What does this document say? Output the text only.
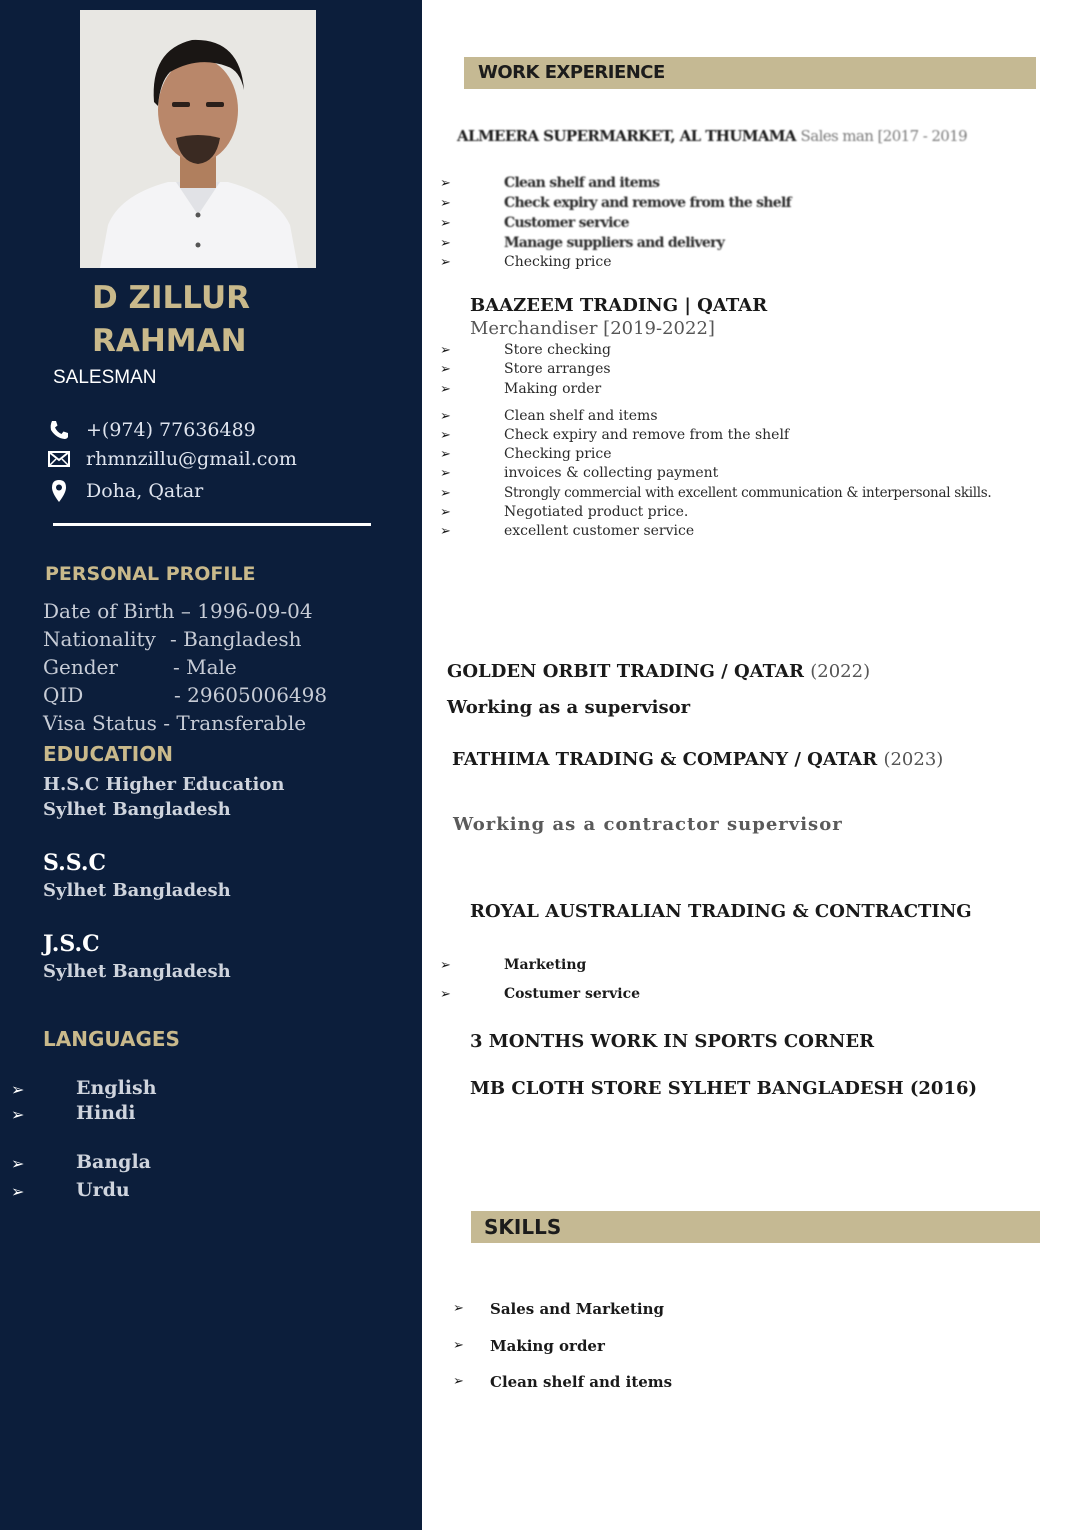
D ZILLUR
RAHMAN
SALESMAN
+(974) 77636489
rhmnzillu@gmail.com
Doha, Qatar
PERSONAL PROFILE
Date of Birth – 1996-09-04
Nationality - Bangladesh
Gender	- Male
QID	- 29605006498
Visa Status - Transferable
EDUCATION
H.S.C Higher Education
Sylhet Bangladesh
S.S.C
Sylhet Bangladesh
J.S.C
Sylhet Bangladesh
LANGUAGES
➢	English
➢	Hindi
➢	Bangla
➢	Urdu
WORK EXPERIENCE
ALMEERA SUPERMARKET, AL THUMAMA Sales man [2017 - 2019
➢	Clean shelf and items
➢	Check expiry and remove from the shelf
➢	Customer service
➢	Manage suppliers and delivery
➢	Checking price
BAAZEEM TRADING | QATAR
Merchandiser [2019-2022]
➢	Store checking
➢	Store arranges
➢	Making order
➢	Clean shelf and items
➢	Check expiry and remove from the shelf
➢	Checking price
➢	invoices & collecting payment
➢	Strongly commercial with excellent communication & interpersonal skills.
➢	Negotiated product price.
➢	excellent customer service
GOLDEN ORBIT TRADING / QATAR (2022)
Working as a supervisor
FATHIMA TRADING & COMPANY / QATAR (2023)
Working as a contractor supervisor
ROYAL AUSTRALIAN TRADING & CONTRACTING
➢	Marketing
➢	Costumer service
3 MONTHS WORK IN SPORTS CORNER
MB CLOTH STORE SYLHET BANGLADESH (2016)
SKILLS
➢ Sales and Marketing
➢ Making order
➢ Clean shelf and items
